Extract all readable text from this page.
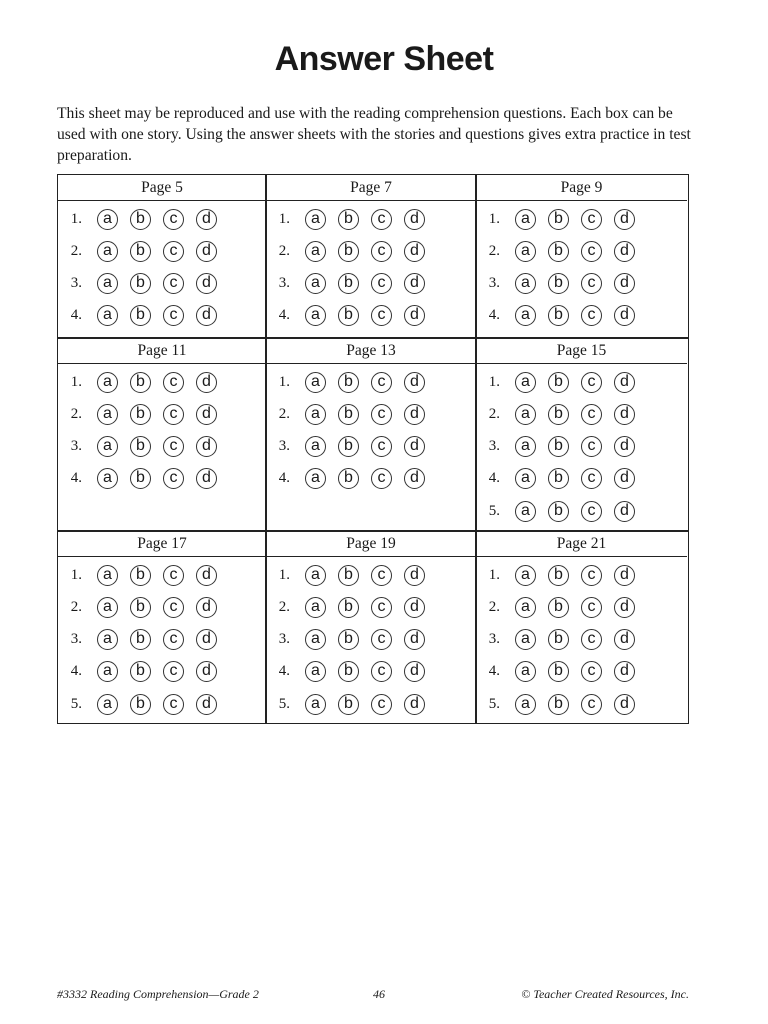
Answer Sheet

This sheet may be reproduced and use with the reading comprehension questions. Each box can be used with one story. Using the answer sheets with the stories and questions gives extra practice in test preparation.

Page 5
1.	a	b	c	d
2.	a	b	c	d
3.	a	b	c	d
4.	a	b	c	d
Page 7
1.	a	b	c	d
2.	a	b	c	d
3.	a	b	c	d
4.	a	b	c	d
Page 9
1.	a	b	c	d
2.	a	b	c	d
3.	a	b	c	d
4.	a	b	c	d
Page 11
1.	a	b	c	d
2.	a	b	c	d
3.	a	b	c	d
4.	a	b	c	d
Page 13
1.	a	b	c	d
2.	a	b	c	d
3.	a	b	c	d
4.	a	b	c	d
Page 15
1.	a	b	c	d
2.	a	b	c	d
3.	a	b	c	d
4.	a	b	c	d
5.	a	b	c	d
Page 17
1.	a	b	c	d
2.	a	b	c	d
3.	a	b	c	d
4.	a	b	c	d
5.	a	b	c	d
Page 19
1.	a	b	c	d
2.	a	b	c	d
3.	a	b	c	d
4.	a	b	c	d
5.	a	b	c	d
Page 21
1.	a	b	c	d
2.	a	b	c	d
3.	a	b	c	d
4.	a	b	c	d
5.	a	b	c	d
#3332 Reading Comprehension—Grade 2	46	© Teacher Created Resources, Inc.
